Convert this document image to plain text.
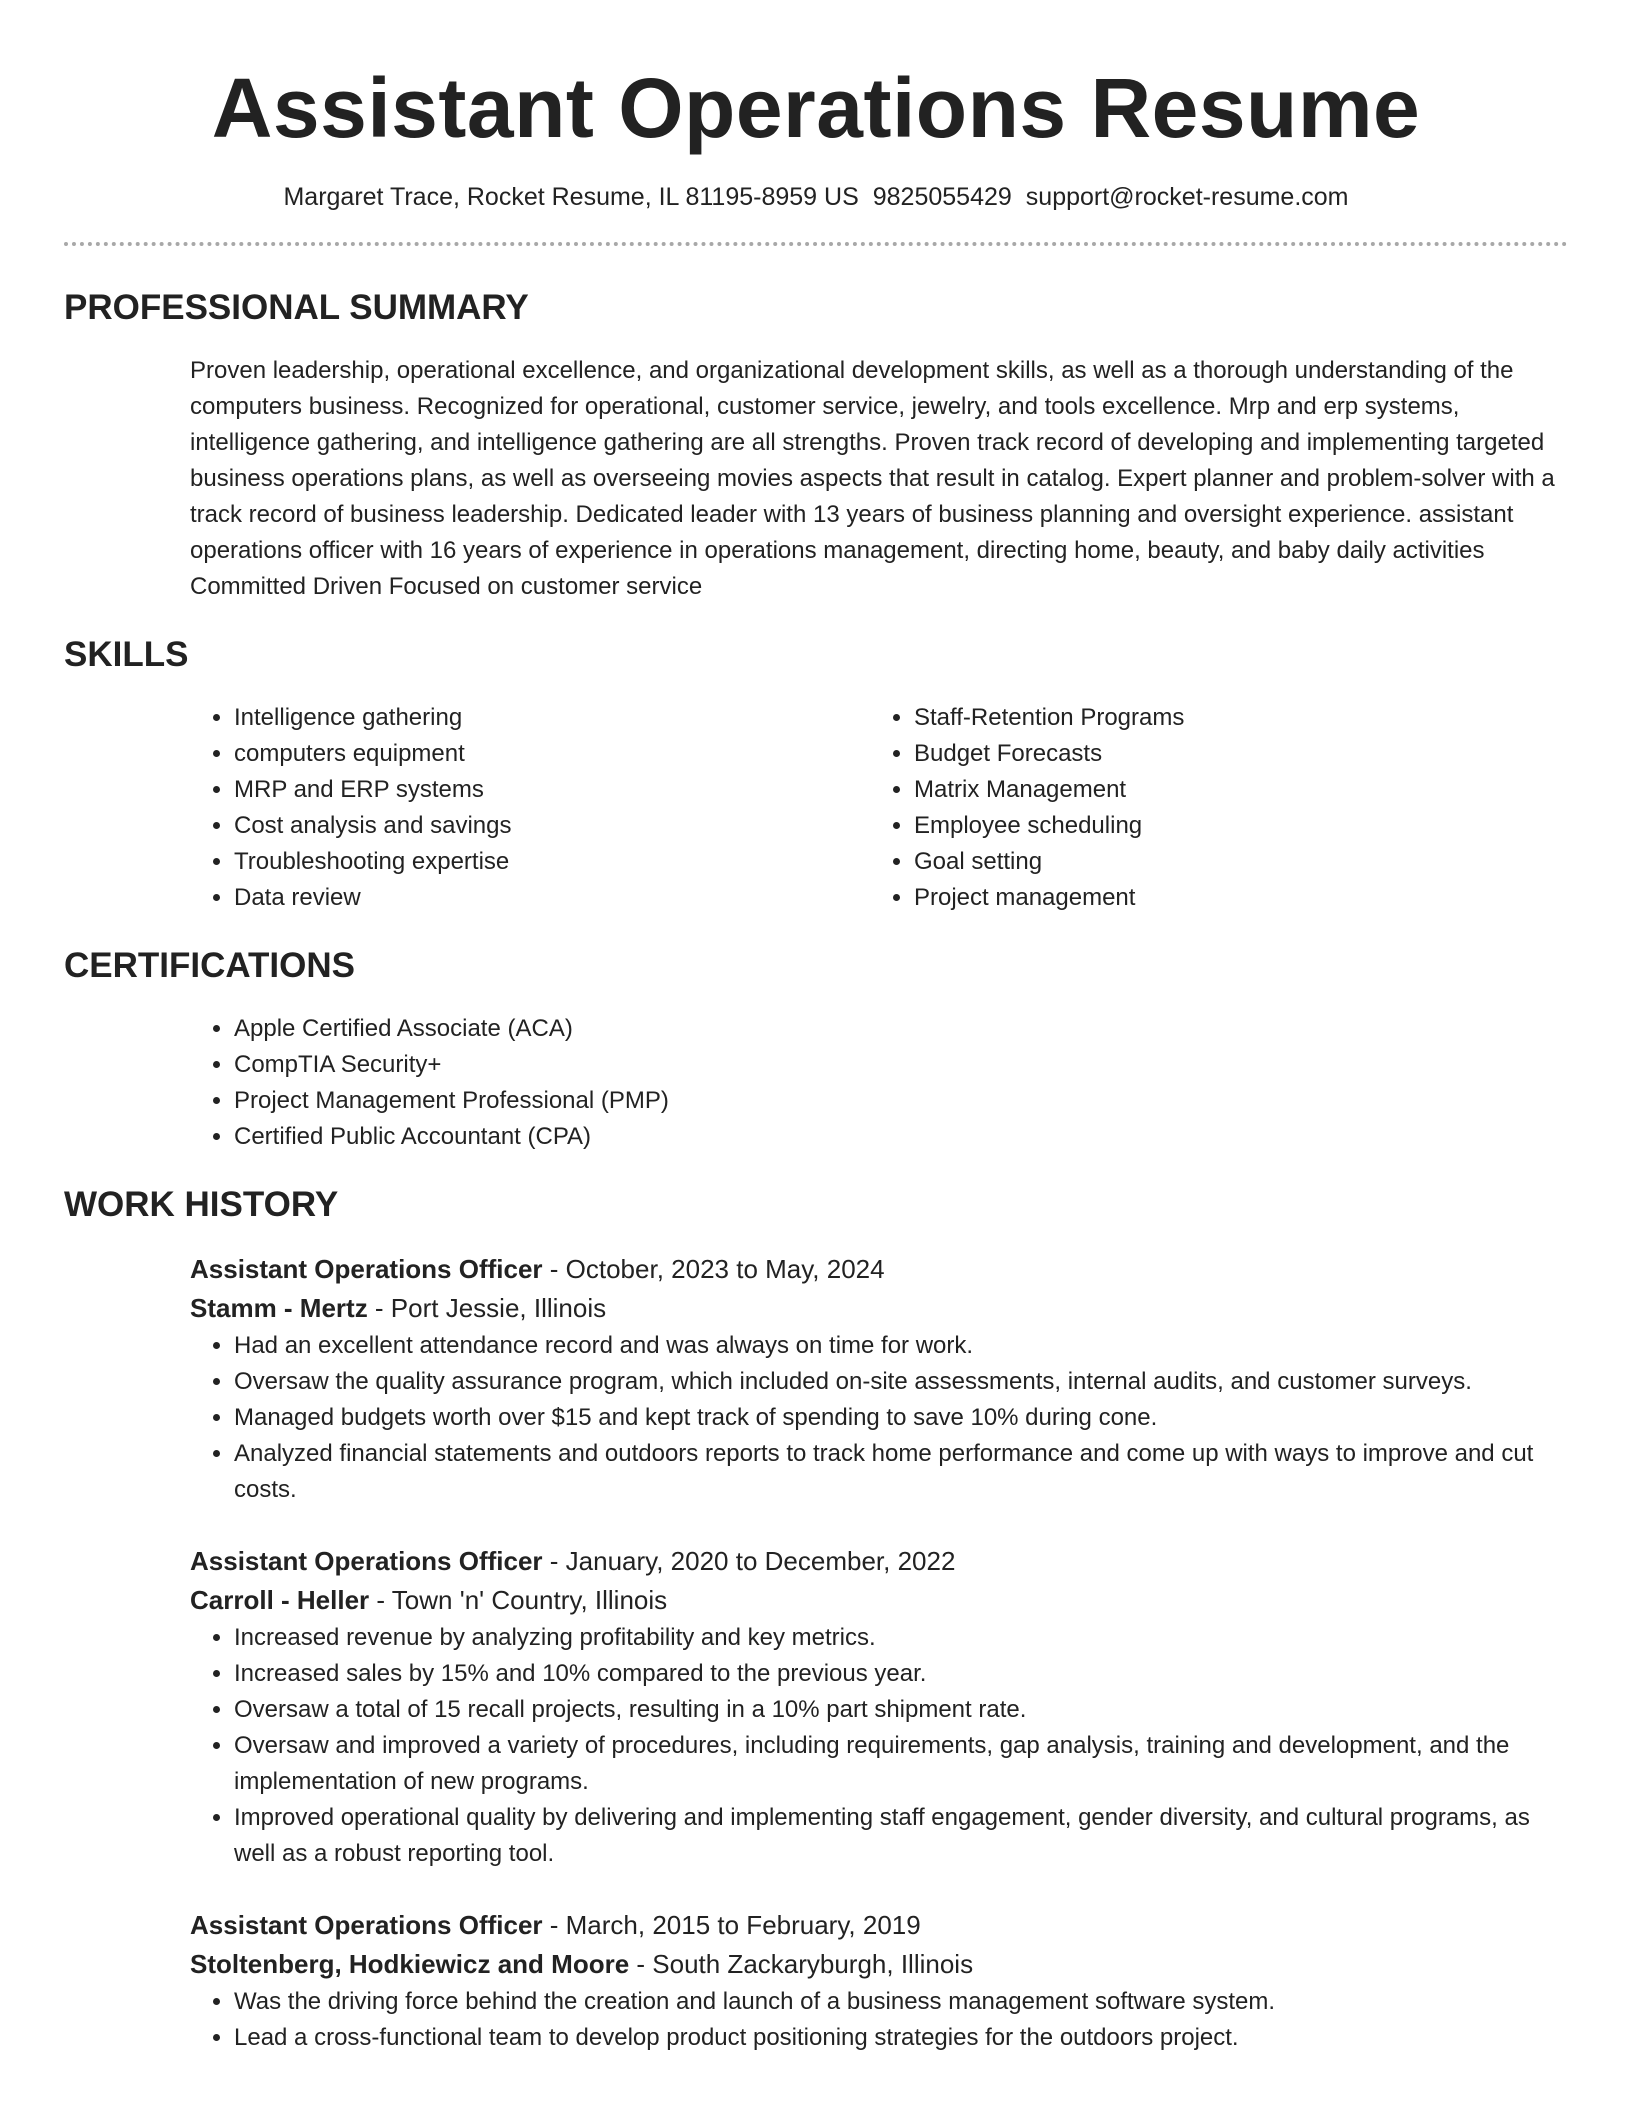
Assistant Operations Resume
Margaret Trace, Rocket Resume, IL 81195-8959 US 9825055429 support@rocket-resume.com
PROFESSIONAL SUMMARY
Proven leadership, operational excellence, and organizational development skills, as well as a thorough understanding of the computers business. Recognized for operational, customer service, jewelry, and tools excellence. Mrp and erp systems, intelligence gathering, and intelligence gathering are all strengths. Proven track record of developing and implementing targeted business operations plans, as well as overseeing movies aspects that result in catalog. Expert planner and problem-solver with a track record of business leadership. Dedicated leader with 13 years of business planning and oversight experience. assistant operations officer with 16 years of experience in operations management, directing home, beauty, and baby daily activities Committed Driven Focused on customer service
SKILLS
• Intelligence gathering
• computers equipment
• MRP and ERP systems
• Cost analysis and savings
• Troubleshooting expertise
• Data review
• Staff-Retention Programs
• Budget Forecasts
• Matrix Management
• Employee scheduling
• Goal setting
• Project management
CERTIFICATIONS
• Apple Certified Associate (ACA)
• CompTIA Security+
• Project Management Professional (PMP)
• Certified Public Accountant (CPA)
WORK HISTORY
Assistant Operations Officer - October, 2023 to May, 2024
Stamm - Mertz - Port Jessie, Illinois
• Had an excellent attendance record and was always on time for work.
• Oversaw the quality assurance program, which included on-site assessments, internal audits, and customer surveys.
• Managed budgets worth over $15 and kept track of spending to save 10% during cone.
• Analyzed financial statements and outdoors reports to track home performance and come up with ways to improve and cut costs.
Assistant Operations Officer - January, 2020 to December, 2022
Carroll - Heller - Town 'n' Country, Illinois
• Increased revenue by analyzing profitability and key metrics.
• Increased sales by 15% and 10% compared to the previous year.
• Oversaw a total of 15 recall projects, resulting in a 10% part shipment rate.
• Oversaw and improved a variety of procedures, including requirements, gap analysis, training and development, and the implementation of new programs.
• Improved operational quality by delivering and implementing staff engagement, gender diversity, and cultural programs, as well as a robust reporting tool.
Assistant Operations Officer - March, 2015 to February, 2019
Stoltenberg, Hodkiewicz and Moore - South Zackaryburgh, Illinois
• Was the driving force behind the creation and launch of a business management software system.
• Lead a cross-functional team to develop product positioning strategies for the outdoors project.
